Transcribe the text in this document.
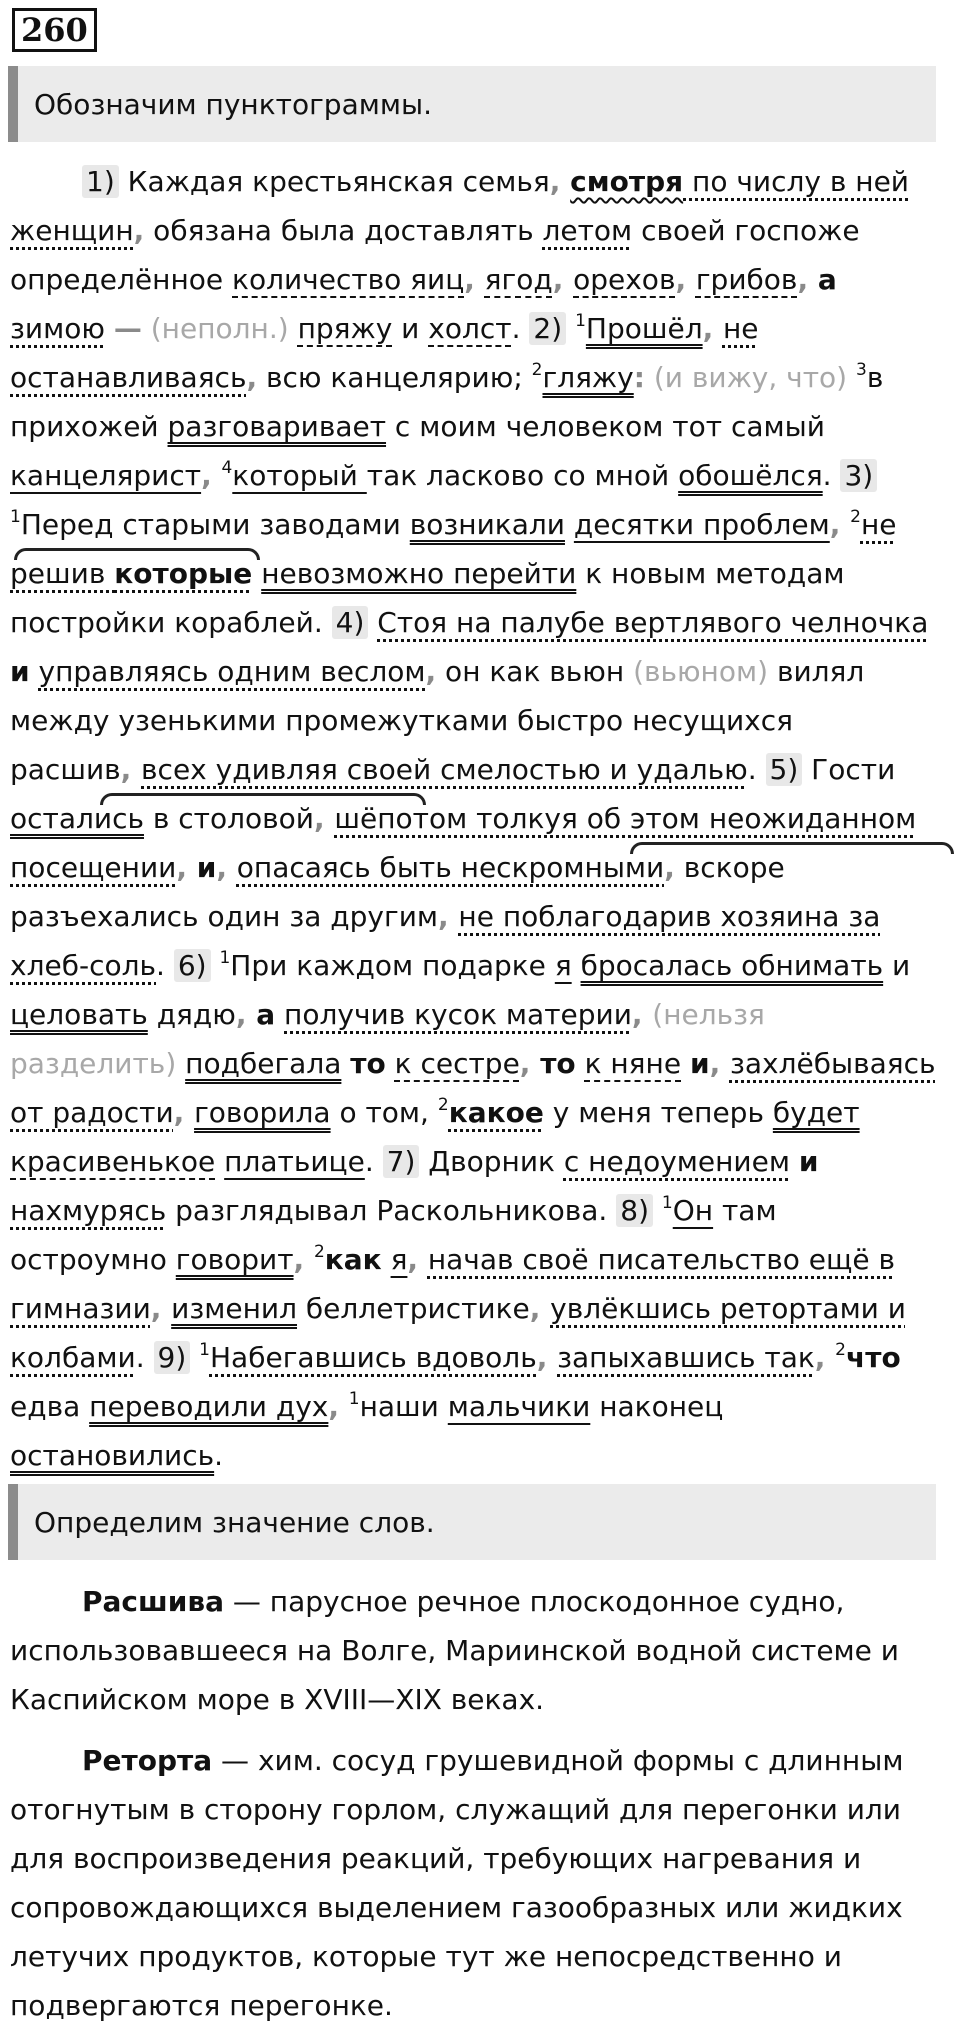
260
Обозначим пунктограммы.
1) Каждая крестьянская семья, смотря по числу в ней
женщин, обязана была доставлять летом своей госпоже
определённое количество яиц, ягод, орехов, грибов, а
зимою — (неполн.) пряжу и холст. 2) $^1$Прошёл, не
останавливаясь, всю канцелярию; $^2$гляжу: (и вижу, что) $^3$в
прихожей разговаривает с моим человеком тот самый
канцелярист, $^4$который так ласково со мной обошёлся. 3)
$^1$Перед старыми заводами возникали десятки проблем, $^2$не
решив которые невозможно перейти к новым методам
постройки кораблей. 4) Стоя на палубе вертлявого челночка
и управляясь одним веслом, он как вьюн (вьюном) вилял
между узенькими промежутками быстро несущихся
расшив, всех удивляя своей смелостью и удалью. 5) Гости
остались в столовой, шёпотом толкуя об этом неожиданном
посещении, и, опасаясь быть нескромными, вскоре
разъехались один за другим, не поблагодарив хозяина за
хлеб-соль. 6) $^1$При каждом подарке я бросалась обнимать и
целовать дядю, а получив кусок материи, (нельзя
разделить) подбегала то к сестре, то к няне и, захлёбываясь
от радости, говорила о том, $^2$какое у меня теперь будет
красивенькое платьице. 7) Дворник с недоумением и
нахмурясь разглядывал Раскольникова. 8) $^1$Он там
остроумно говорит, $^2$как я, начав своё писательство ещё в
гимназии, изменил беллетристике, увлёкшись ретортами и
колбами. 9) $^1$Набегавшись вдоволь, запыхавшись так, $^2$что
едва переводили дух, $^1$наши мальчики наконец
остановились.
Определим значение слов.
Расшива — парусное речное плоскодонное судно,
использовавшееся на Волге, Мариинской водной системе и
Каспийском море в XVIII—XIX веках.
Реторта — хим. сосуд грушевидной формы с длинным
отогнутым в сторону горлом, служащий для перегонки или
для воспроизведения реакций, требующих нагревания и
сопровождающихся выделением газообразных или жидких
летучих продуктов, которые тут же непосредственно и
подвергаются перегонке.
